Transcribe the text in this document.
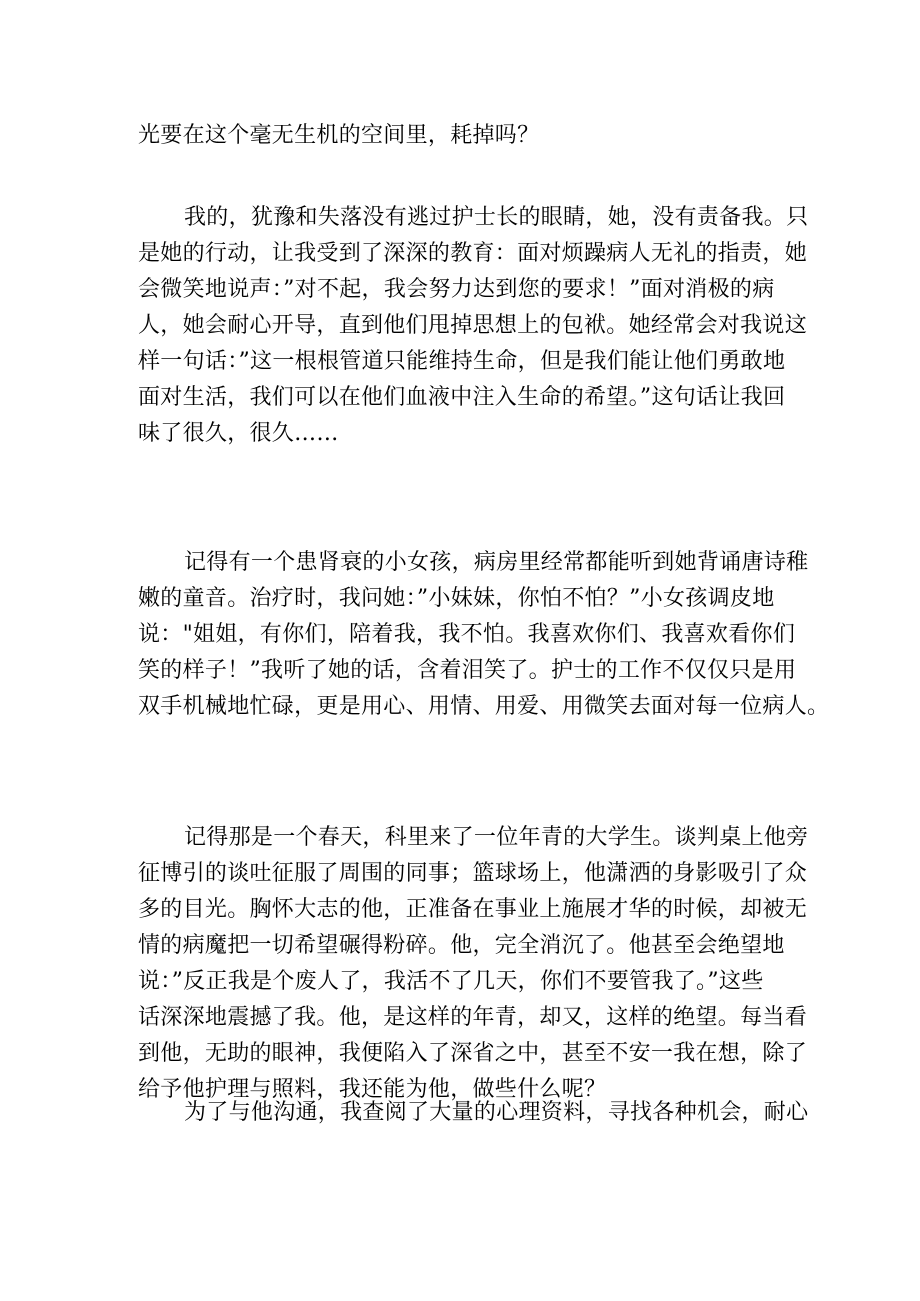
光要在这个毫无生机的空间里，耗掉吗？
我的，犹豫和失落没有逃过护士长的眼睛，她，没有责备我。只
是她的行动，让我受到了深深的教育：面对烦躁病人无礼的指责，她
会微笑地说声：”对不起，我会努力达到您的要求！”面对消极的病
人，她会耐心开导，直到他们甩掉思想上的包袱。她经常会对我说这
样一句话：”这一根根管道只能维持生命，但是我们能让他们勇敢地
面对生活，我们可以在他们血液中注入生命的希望。”这句话让我回
味了很久，很久……
记得有一个患肾衰的小女孩，病房里经常都能听到她背诵唐诗稚
嫩的童音。治疗时，我问她：”小妹妹，你怕不怕？”小女孩调皮地
说："姐姐，有你们，陪着我，我不怕。我喜欢你们、我喜欢看你们
笑的样子！”我听了她的话，含着泪笑了。护士的工作不仅仅只是用
双手机械地忙碌，更是用心、用情、用爱、用微笑去面对每一位病人。
记得那是一个春天，科里来了一位年青的大学生。谈判桌上他旁
征博引的谈吐征服了周围的同事；篮球场上，他潇洒的身影吸引了众
多的目光。胸怀大志的他，正准备在事业上施展才华的时候，却被无
情的病魔把一切希望碾得粉碎。他，完全消沉了。他甚至会绝望地
说：”反正我是个废人了，我活不了几天，你们不要管我了。”这些
话深深地震撼了我。他，是这样的年青，却又，这样的绝望。每当看
到他，无助的眼神，我便陷入了深省之中，甚至不安一我在想，除了
给予他护理与照料，我还能为他，做些什么呢？
为了与他沟通，我查阅了大量的心理资料，寻找各种机会，耐心
